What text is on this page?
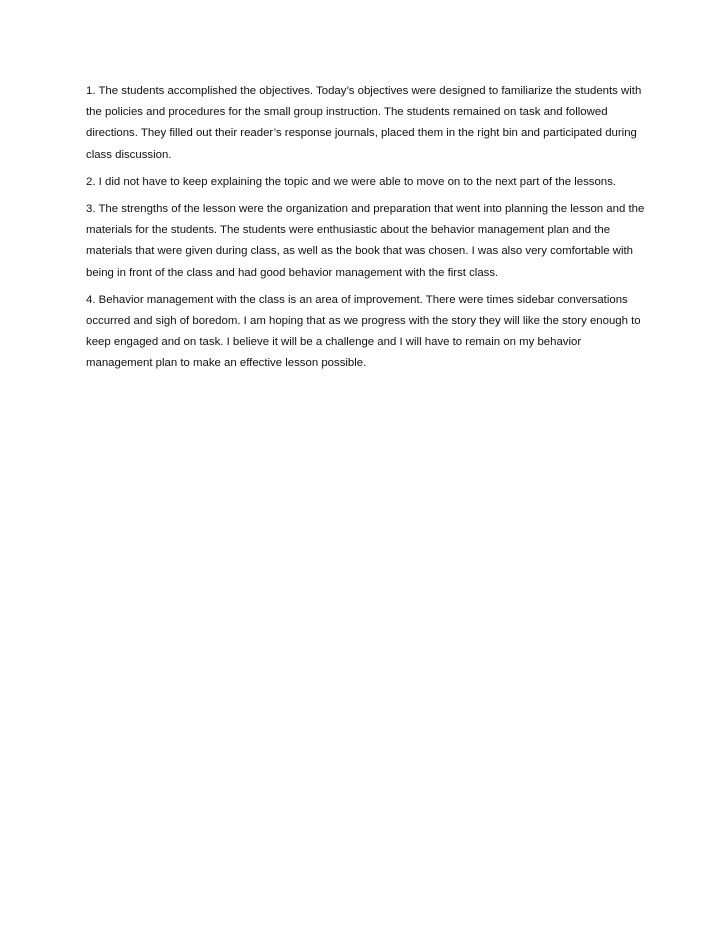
1. The students accomplished the objectives. Today’s objectives were designed to familiarize the students with the policies and procedures for the small group instruction. The students remained on task and followed directions. They filled out their reader’s response journals, placed them in the right bin and participated during class discussion.

2. I did not have to keep explaining the topic and we were able to move on to the next part of the lessons.

3. The strengths of the lesson were the organization and preparation that went into planning the lesson and the materials for the students. The students were enthusiastic about the behavior management plan and the materials that were given during class, as well as the book that was chosen. I was also very comfortable with being in front of the class and had good behavior management with the first class.

4. Behavior management with the class is an area of improvement. There were times sidebar conversations occurred and sigh of boredom. I am hoping that as we progress with the story they will like the story enough to keep engaged and on task. I believe it will be a challenge and I will have to remain on my behavior management plan to make an effective lesson possible.
